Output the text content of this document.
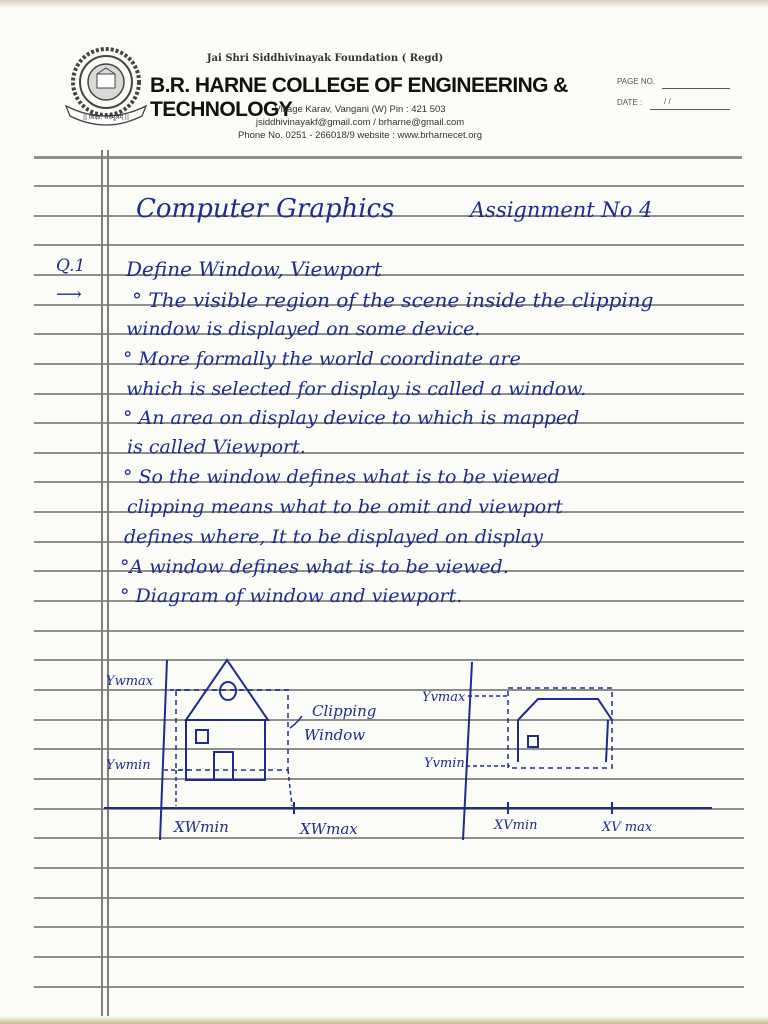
|| शिक्षा: सर्वमूलम् ||
Jai Shri Siddhivinayak Foundation ( Regd)
B.R. HARNE COLLEGE OF ENGINEERING & TECHNOLOGY
Village Karav, Vangani (W) Pin : 421 503
jsiddhivinayakf@gmail.com / brharne@gmail.com
Phone No. 0251 - 266018/9 website : www.brharnecet.org
PAGE NO.
DATE :	/ /
Computer Graphics	Assignment No 4
Q.1 Define Window, Viewport
⟶	° The visible region of the scene inside the clipping
window is displayed on some device.
° More formally the world coordinate are
which is selected for display is called a window.
° An area on display device to which is mapped
is called Viewport.
° So the window defines what is to be viewed
clipping means what to be omit and viewport
defines where, It to be displayed on display
°A window defines what is to be viewed.
° Diagram of window and viewport.
Ywmax
Ywmin
XWmin	XWmax
Clipping
Window
Yvmax
Yvmin
XVmin	XV max
